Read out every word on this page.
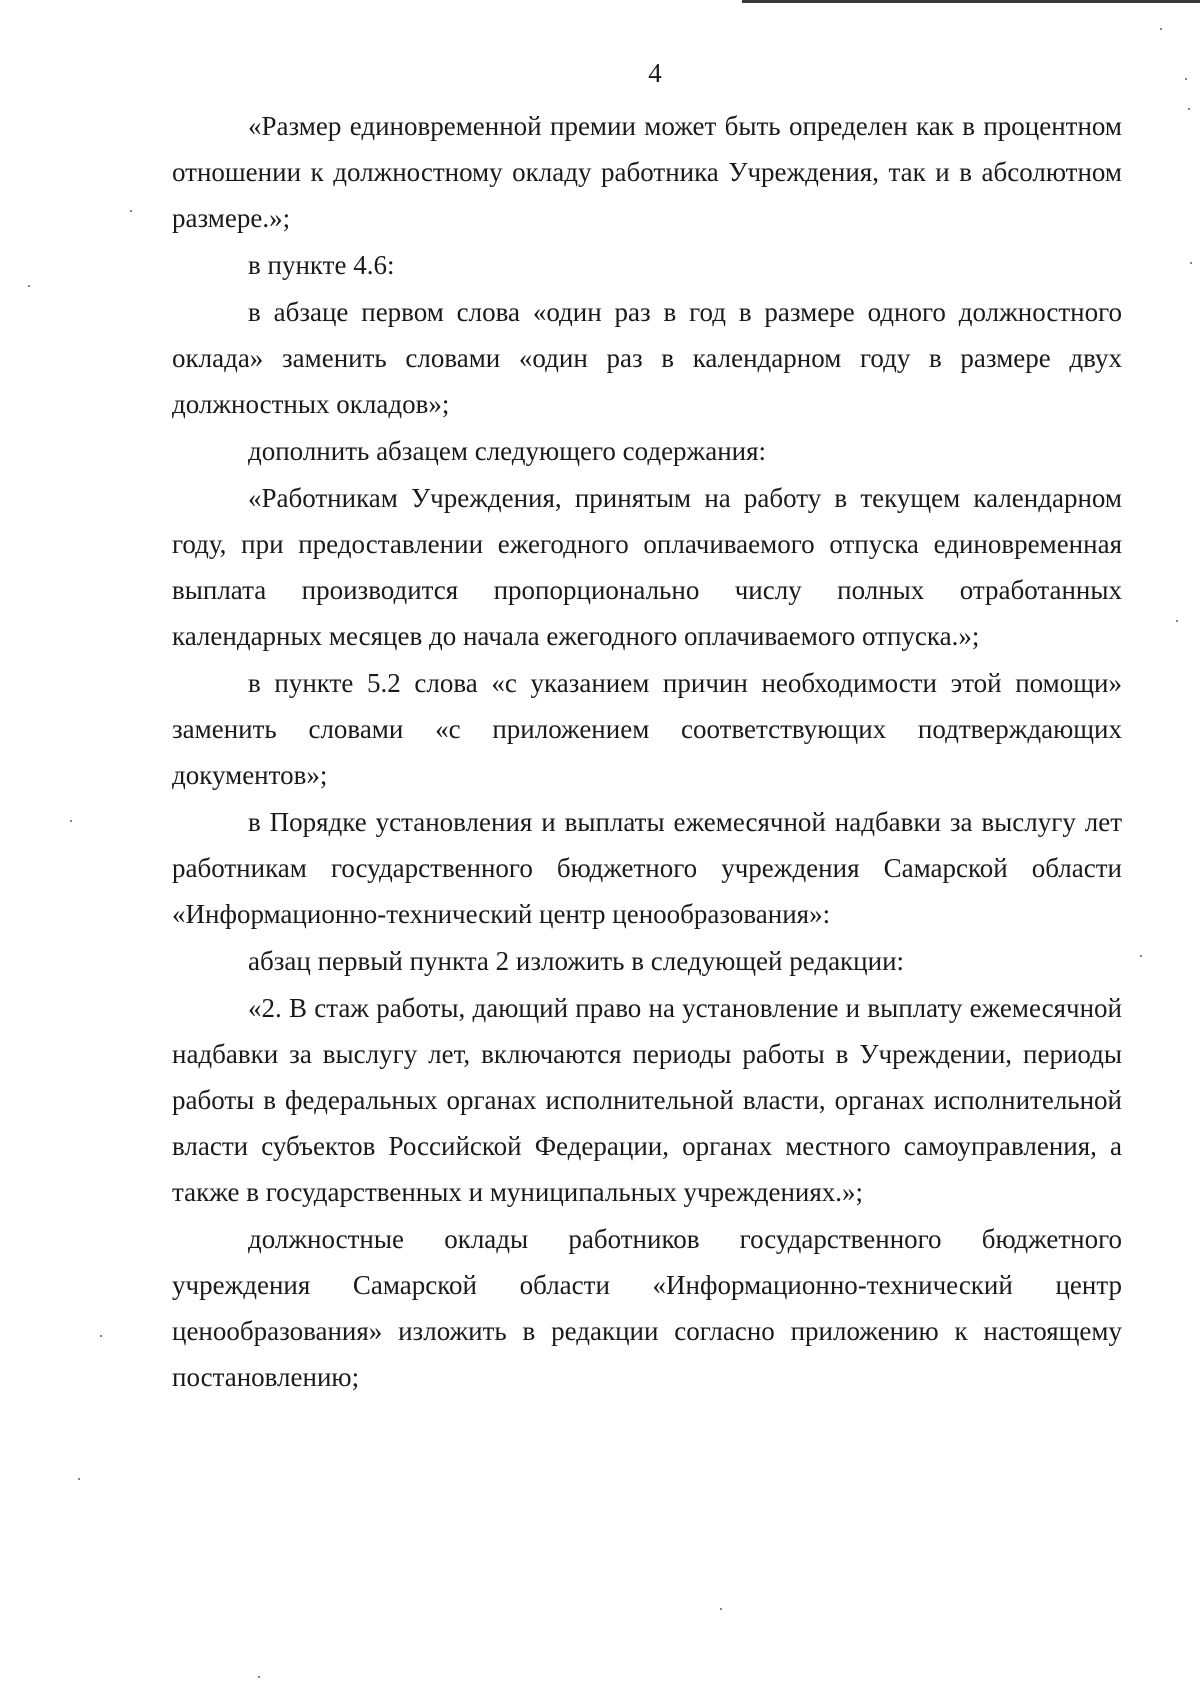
4

«Размер единовременной премии может быть определен как в процентном отношении к должностному окладу работника Учреждения, так и в абсолютном размере.»;

в пункте 4.6:

в абзаце первом слова «один раз в год в размере одного должностного оклада» заменить словами «один раз в календарном году в размере двух должностных окладов»;

дополнить абзацем следующего содержания:

«Работникам Учреждения, принятым на работу в текущем календарном году, при предоставлении ежегодного оплачиваемого отпуска единовременная выплата производится пропорционально числу полных отработанных календарных месяцев до начала ежегодного оплачиваемого отпуска.»;

в пункте 5.2 слова «с указанием причин необходимости этой помощи» заменить словами «с приложением соответствующих подтверждающих документов»;

в Порядке установления и выплаты ежемесячной надбавки за выслугу лет работникам государственного бюджетного учреждения Самарской области «Информационно-технический центр ценообразования»:

абзац первый пункта 2 изложить в следующей редакции:

«2. В стаж работы, дающий право на установление и выплату ежемесячной надбавки за выслугу лет, включаются периоды работы в Учреждении, периоды работы в федеральных органах исполнительной власти, органах исполнительной власти субъектов Российской Федерации, органах местного самоуправления, а также в государственных и муниципальных учреждениях.»;

должностные оклады работников государственного бюджетного учреждения Самарской области «Информационно-технический центр ценообразования» изложить в редакции согласно приложению к настоящему постановлению;
